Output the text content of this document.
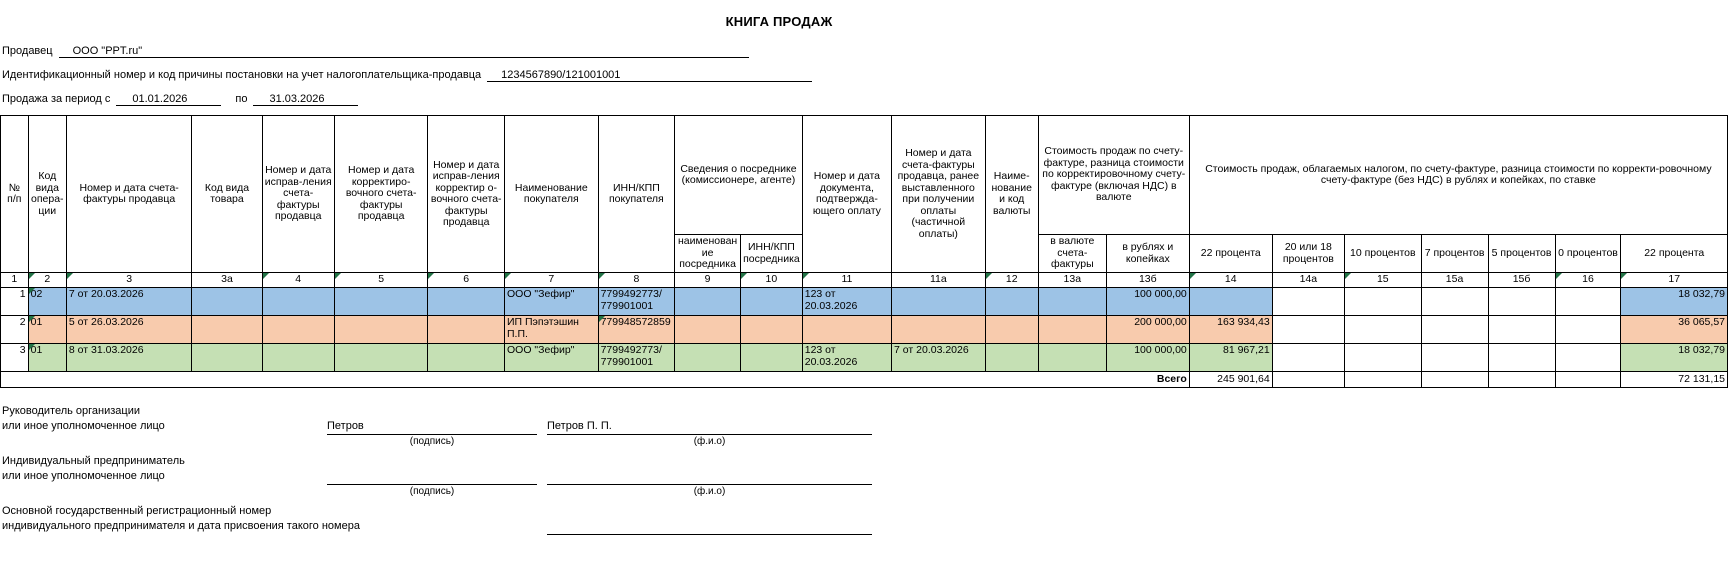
КНИГА ПРОДАЖ
Продавец	ООО "PPT.ru"
Идентификационный номер и код причины постановки на учет налогоплательщика-продавца	1234567890/121001001
Продажа за период с	01.01.2026	по	31.03.2026
№ п/п	Код вида опера-ции	Номер и дата счета-фактуры продавца	Код вида товара	Номер и дата исправ-ления счета-фактуры продавца	Номер и дата корректиро-вочного счета-фактуры продавца	Номер и дата исправ-ления корректир о-вочного счета-фактуры продавца	Наименование покупателя	ИНН/КПП покупателя	Сведения о посреднике (комиссионере, агенте)		Номер и дата документа, подтвержда-ющего оплату	Номер и дата счета-фактуры продавца, ранее выставленного при получении оплаты (частичной оплаты)	Наиме-нование и код валюты	Стоимость продаж по счету-фактуре, разница стоимости по корректировочному счету-фактуре (включая НДС) в валюте		Стоимость продаж, облагаемых налогом, по счету-фактуре, разница стоимости по корректи-ровочному счету-фактуре (без НДС) в рублях и копейках, по ставке						
									наименование посредника	ИНН/КПП посредника				в валюте счета-фактуры	в рублях и копейках	22 процента	20 или 18 процентов	10 процентов	7 процентов	5 процентов	0 процентов	22 процента
1	2	3	3а	4	5	6	7	8	9	10	11	11а	12	13а	13б	14	14а	15	15а	15б	16	17
1	02	7 от 20.03.2026					ООО "Зефир"	7799492773/ 779901001			123 от 20.03.2026				100 000,00							18 032,79
2	01	5 от 26.03.2026					ИП Пэпэтэшин П.П.	779948572859							200 000,00	163 934,43						36 065,57
3	01	8 от 31.03.2026					ООО "Зефир"	7799492773/ 779901001			123 от 20.03.2026	7 от 20.03.2026			100 000,00	81 967,21						18 032,79
Всего																245 901,64						72 131,15
Руководитель организации
или иное уполномоченное лицо	Петров	Петров П. П.
(подпись)	(ф.и.о)
Индивидуальный предприниматель
или иное уполномоченное лицо
(подпись)	(ф.и.о)
Основной государственный регистрационный номер
индивидуального предпринимателя и дата присвоения такого номера
